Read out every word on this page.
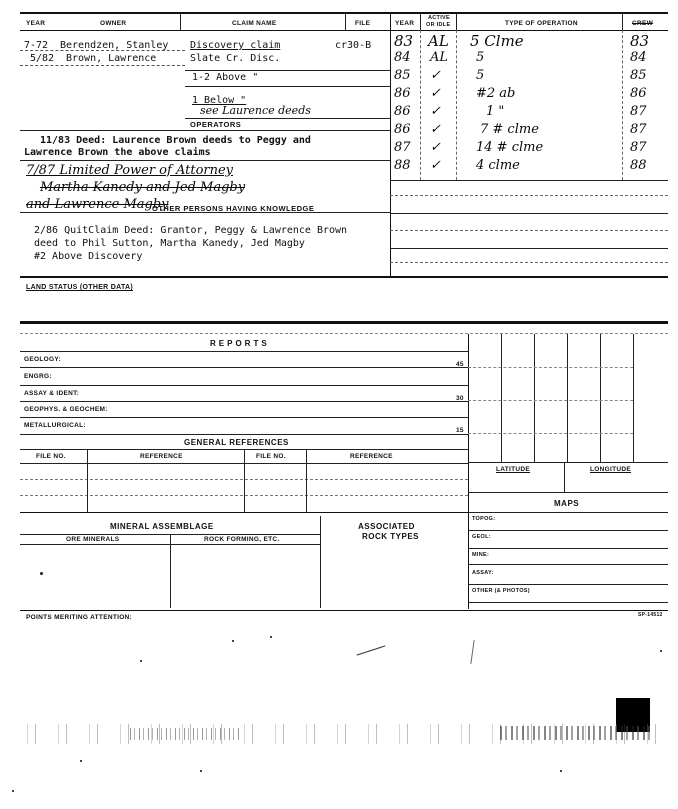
YEAR	OWNER	CLAIM NAME	FILE	YEAR
ACTIVE
OR IDLE	TYPE OF OPERATION	CREW
7-72 Berendzen, Stanley Discovery claim	cr30-B
5/82 Brown, Lawrence	Slate Cr. Disc.
1-2 Above "
1 Below "
see Laurence deeds
OPERATORS
11/83 Deed: Laurence Brown deeds to Peggy and
Lawrence Brown the above claims
7/87 Limited Power of Attorney
Martha Kanedy and Jed Magby
and Lawrence Magby
OTHER PERSONS HAVING KNOWLEDGE
2/86 QuitClaim Deed: Grantor, Peggy & Lawrence Brown
deed to Phil Sutton, Martha Kanedy, Jed Magby
#2 Above Discovery
83 AL 5 Clme	83
84 AL 5	84
85 ✓	5	85
86 ✓	#2 ab	86
86 ✓	1 "	87
86 ✓	7 # clme	87
87 ✓	14 # clme	87
88 ✓	4 clme	88
LAND STATUS (OTHER DATA)
REPORTS
GEOLOGY:
ENGRG:
ASSAY & IDENT:
GEOPHYS. & GEOCHEM:
METALLURGICAL:
45
30
15
GENERAL REFERENCES
FILE NO.	REFERENCE	FILE NO.	REFERENCE
MINERAL ASSEMBLAGE
ORE MINERALS	ROCK FORMING, ETC.
ASSOCIATED
ROCK TYPES
LATITUDE	LONGITUDE
MAPS
TOPOG:
GEOL:
MINE:
ASSAY:
OTHER (& PHOTOS)
POINTS MERITING ATTENTION:	SP-14512
